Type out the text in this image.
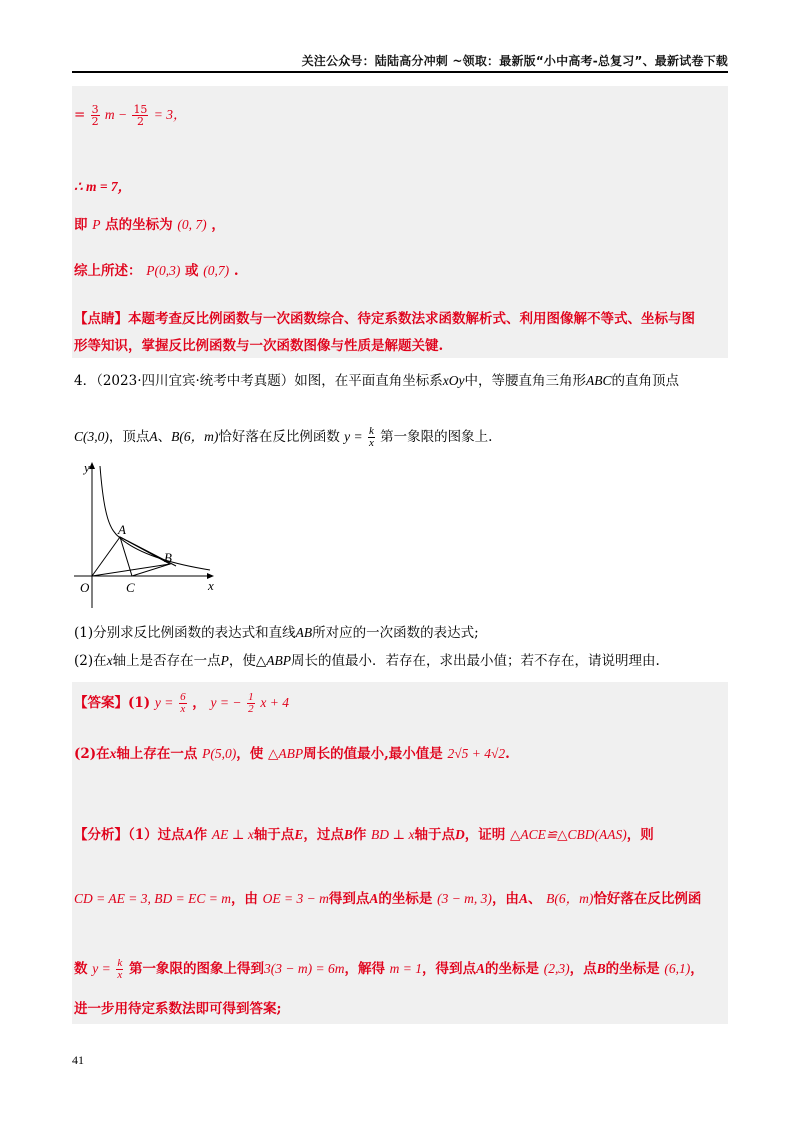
关注公众号：陆陆高分冲刺 ~领取：最新版“小中高考-总复习”、最新试卷下载
= $\frac{3}{2}$ $m - \frac{15}{2} = 3$，
∴ m = 7，
即 P 点的坐标为 (0, 7) ，
综上所述： P(0,3) 或 (0,7) .
【点睛】本题考查反比例函数与一次函数综合、待定系数法求函数解析式、利用图像解不等式、坐标与图
形等知识，掌握反比例函数与一次函数图像与性质是解题关键.
4．（2023·四川宜宾·统考中考真题）如图，在平面直角坐标系xOy中，等腰直角三角形ABC的直角顶点
C(3,0)，顶点A、B(6，m)恰好落在反比例函数 $y = \frac{k}{x}$ 第一象限的图象上.
y
x
O
A
B
C
(1)分别求反比例函数的表达式和直线AB所对应的一次函数的表达式;
(2)在x轴上是否存在一点P，使△ABP周长的值最小．若存在，求出最小值；若不存在，请说明理由.
【答案】(1) $y = \frac{6}{x}$ ， y = − $\frac{1}{2}$ x + 4
(2)在x轴上存在一点 P(5,0)，使 △ABP周长的值最小,最小值是 2√5 + 4√2.
【分析】（1）过点A作 AE ⊥ x轴于点E，过点B作 BD ⊥ x轴于点D，证明 △ACE≌△CBD(AAS)，则
CD = AE = 3, BD = EC = m，由 OE = 3 − m得到点A的坐标是 (3 − m, 3)，由A、 B(6，m)恰好落在反比例函
数 $y = \frac{k}{x}$ 第一象限的图象上得到3(3 − m) = 6m，解得 m = 1，得到点A的坐标是 (2,3)，点B的坐标是 (6,1)，
进一步用待定系数法即可得到答案;
41
